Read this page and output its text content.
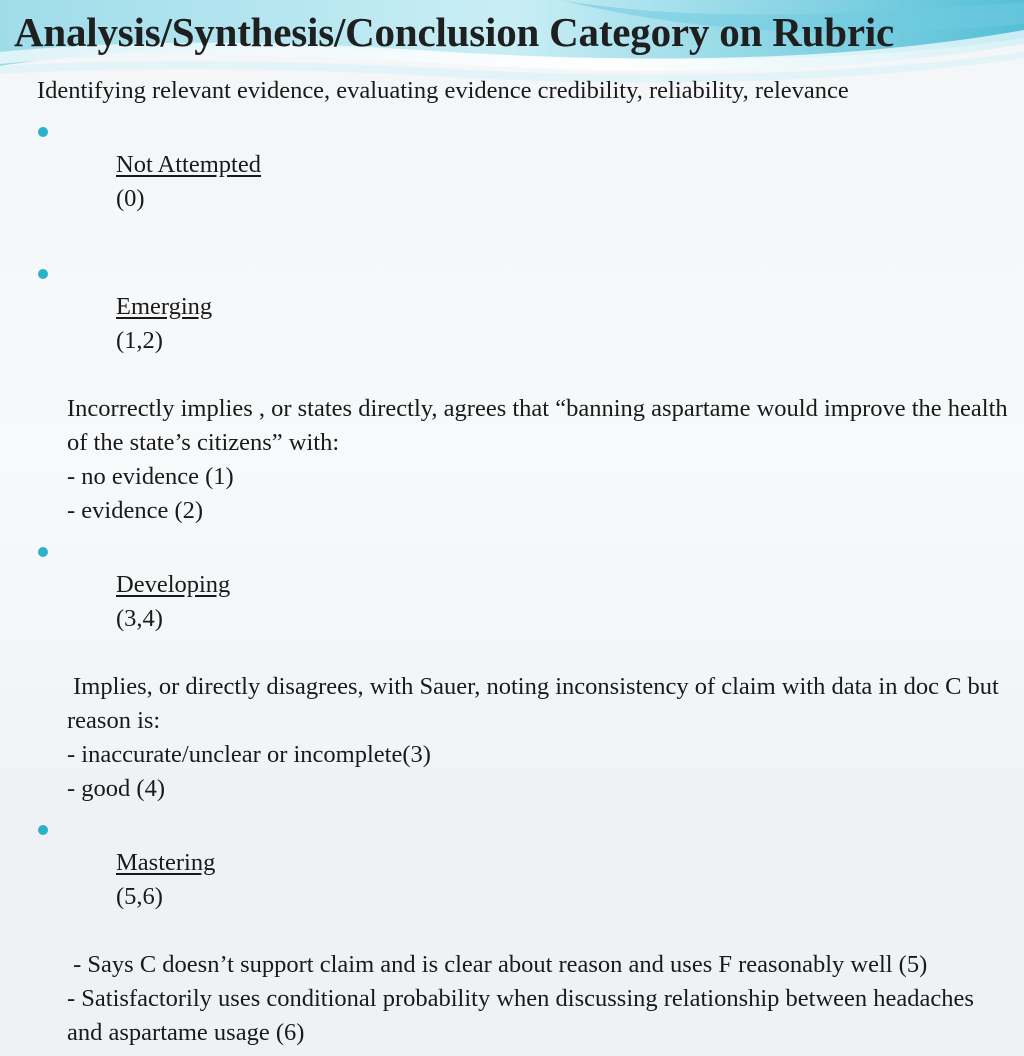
Analysis/Synthesis/Conclusion Category on Rubric

Identifying relevant evidence, evaluating evidence credibility, reliability, relevance

Not Attempted
(0)

Emerging
(1,2)

Incorrectly implies , or states directly, agrees that “banning aspartame would improve the health of the state’s citizens” with:
- no evidence (1)
- evidence (2)

Developing
(3,4)

Implies, or directly disagrees, with Sauer, noting inconsistency of claim with data in doc C but reason is:
- inaccurate/unclear or incomplete(3)
- good (4)

Mastering
(5,6)

- Says C doesn’t support claim and is clear about reason and uses F reasonably well (5)
- Satisfactorily uses conditional probability when discussing relationship between headaches and aspartame usage (6)
